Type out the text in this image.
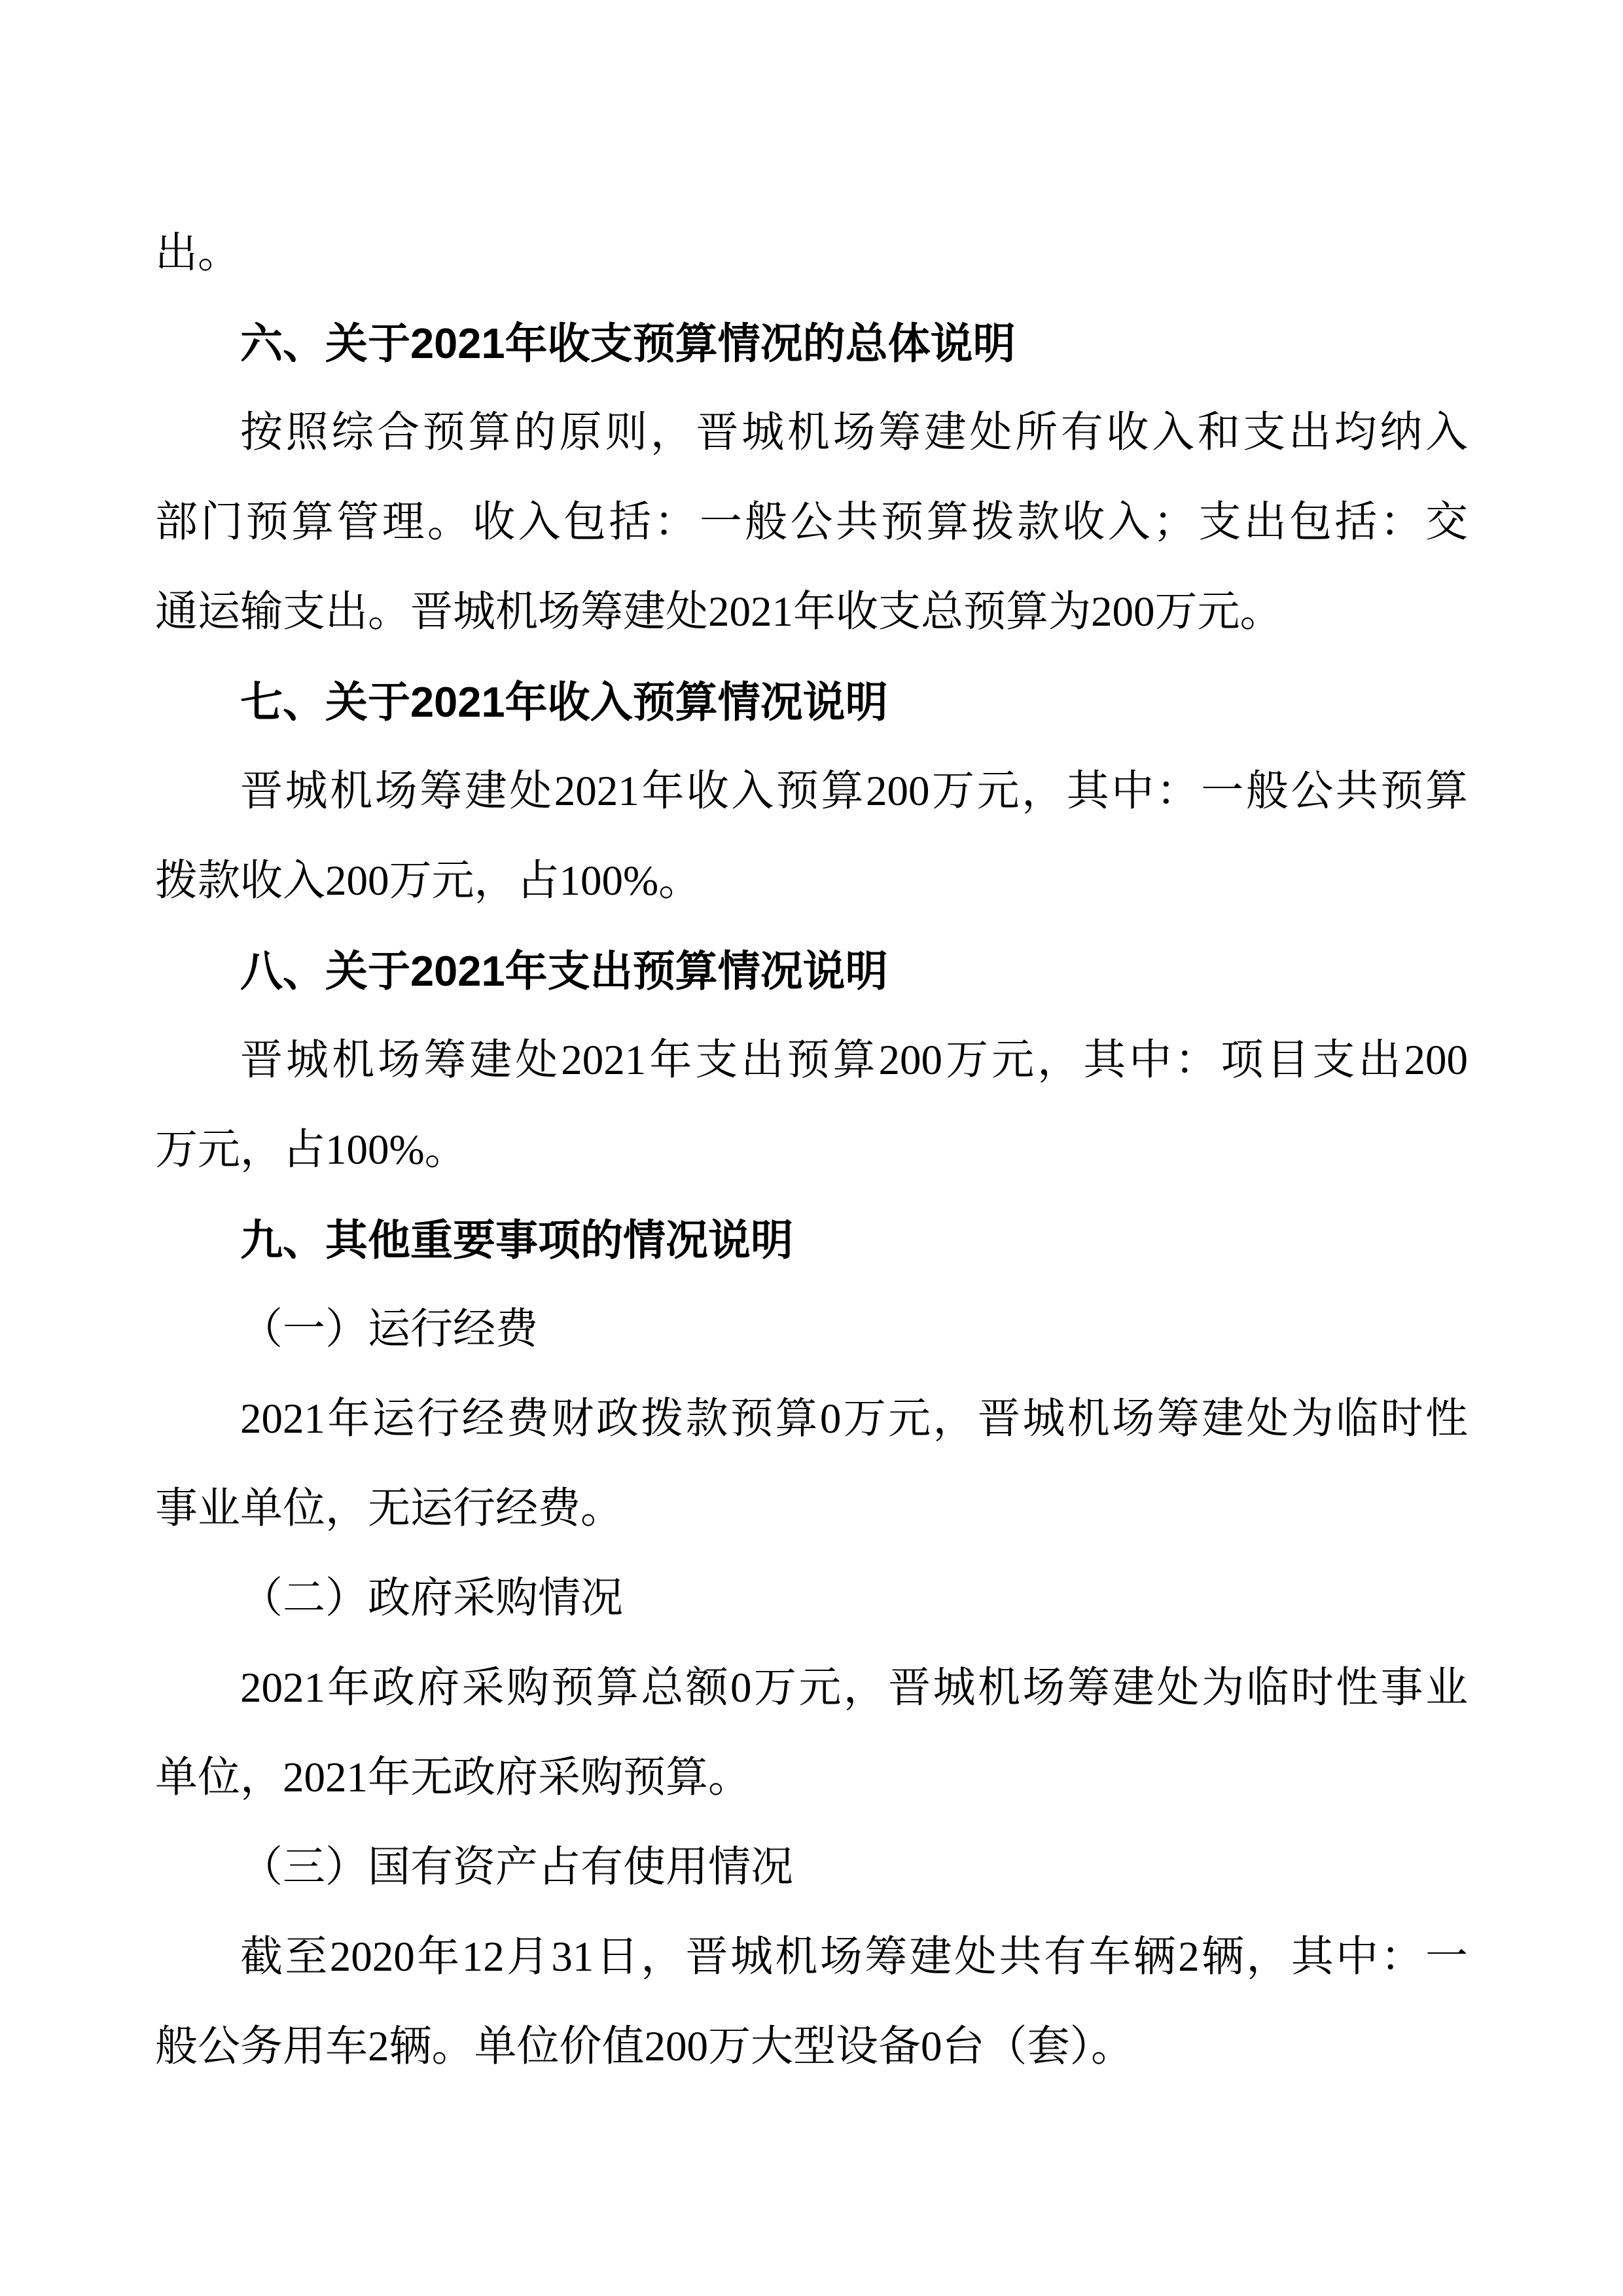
出。
六、关于2021年收支预算情况的总体说明
按照综合预算的原则，晋城机场筹建处所有收入和支出均纳入
部门预算管理。收入包括：一般公共预算拨款收入；支出包括：交
通运输支出。晋城机场筹建处2021年收支总预算为200万元。
七、关于2021年收入预算情况说明
晋城机场筹建处2021年收入预算200万元，其中：一般公共预算
拨款收入200万元，占100%。
八、关于2021年支出预算情况说明
晋城机场筹建处2021年支出预算200万元，其中：项目支出200
万元，占100%。
九、其他重要事项的情况说明
（一）运行经费
2021年运行经费财政拨款预算0万元，晋城机场筹建处为临时性
事业单位，无运行经费。
（二）政府采购情况
2021年政府采购预算总额0万元，晋城机场筹建处为临时性事业
单位，2021年无政府采购预算。
（三）国有资产占有使用情况
截至2020年12月31日，晋城机场筹建处共有车辆2辆，其中：一
般公务用车2辆。单位价值200万大型设备0台（套）。
